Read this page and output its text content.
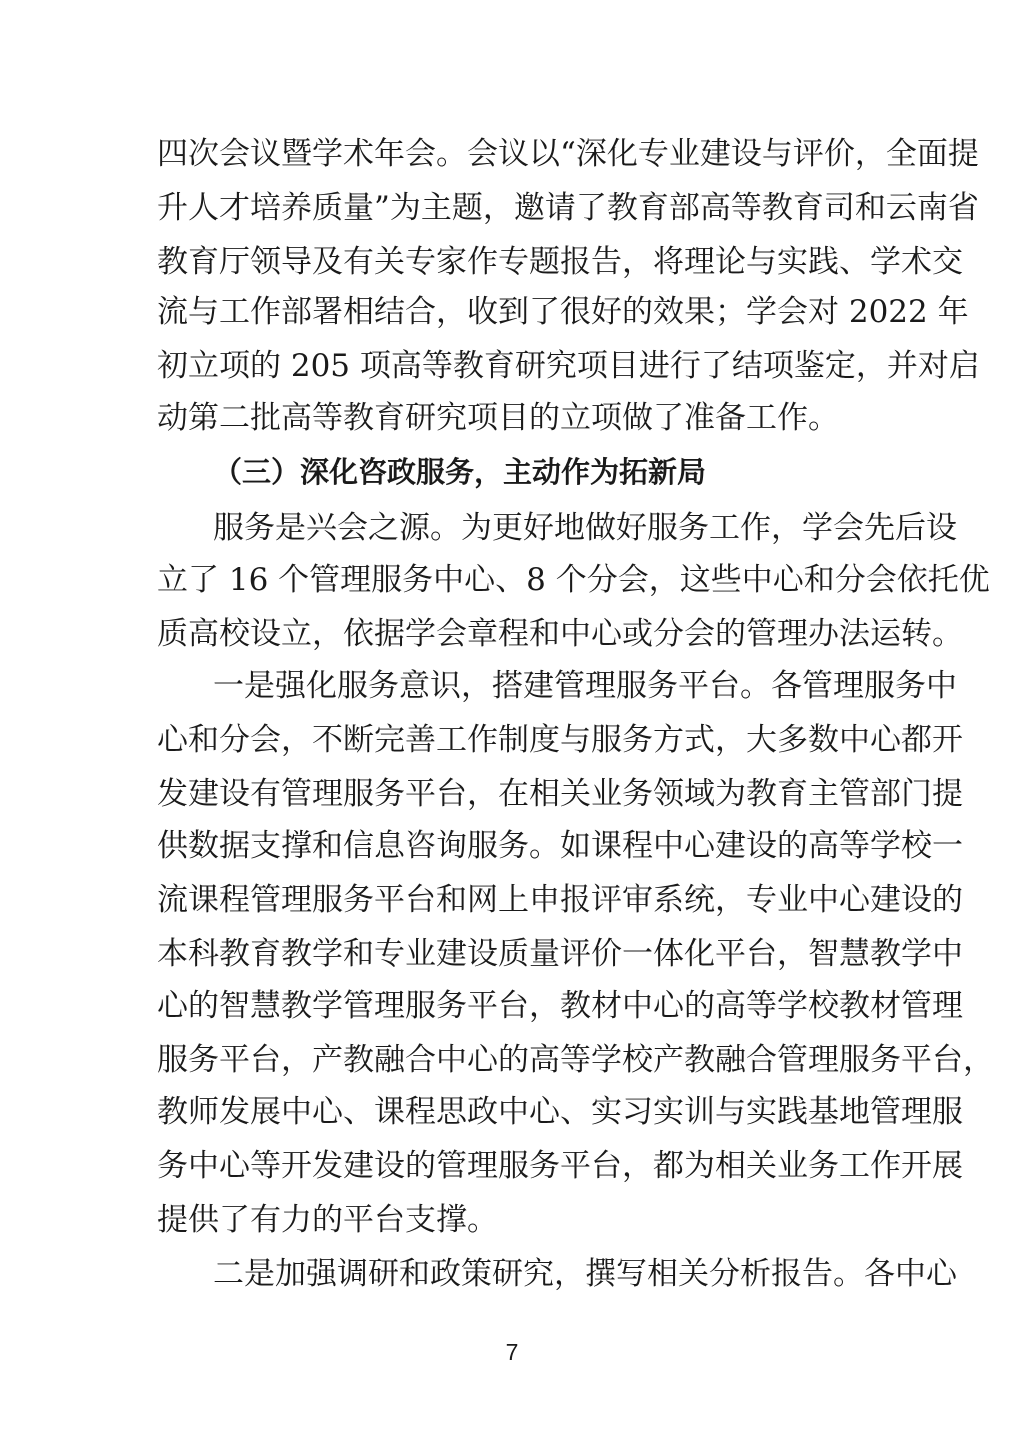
四次会议暨学术年会。会议以“深化专业建设与评价，全面提
升人才培养质量”为主题，邀请了教育部高等教育司和云南省
教育厅领导及有关专家作专题报告，将理论与实践、学术交
流与工作部署相结合，收到了很好的效果；学会对 2022 年
初立项的 205 项高等教育研究项目进行了结项鉴定，并对启
动第二批高等教育研究项目的立项做了准备工作。
（三）深化咨政服务，主动作为拓新局
服务是兴会之源。为更好地做好服务工作，学会先后设
立了 16 个管理服务中心、8 个分会，这些中心和分会依托优
质高校设立，依据学会章程和中心或分会的管理办法运转。
一是强化服务意识，搭建管理服务平台。各管理服务中
心和分会，不断完善工作制度与服务方式，大多数中心都开
发建设有管理服务平台，在相关业务领域为教育主管部门提
供数据支撑和信息咨询服务。如课程中心建设的高等学校一
流课程管理服务平台和网上申报评审系统，专业中心建设的
本科教育教学和专业建设质量评价一体化平台，智慧教学中
心的智慧教学管理服务平台，教材中心的高等学校教材管理
服务平台，产教融合中心的高等学校产教融合管理服务平台，
教师发展中心、课程思政中心、实习实训与实践基地管理服
务中心等开发建设的管理服务平台，都为相关业务工作开展
提供了有力的平台支撑。
二是加强调研和政策研究，撰写相关分析报告。各中心
7
